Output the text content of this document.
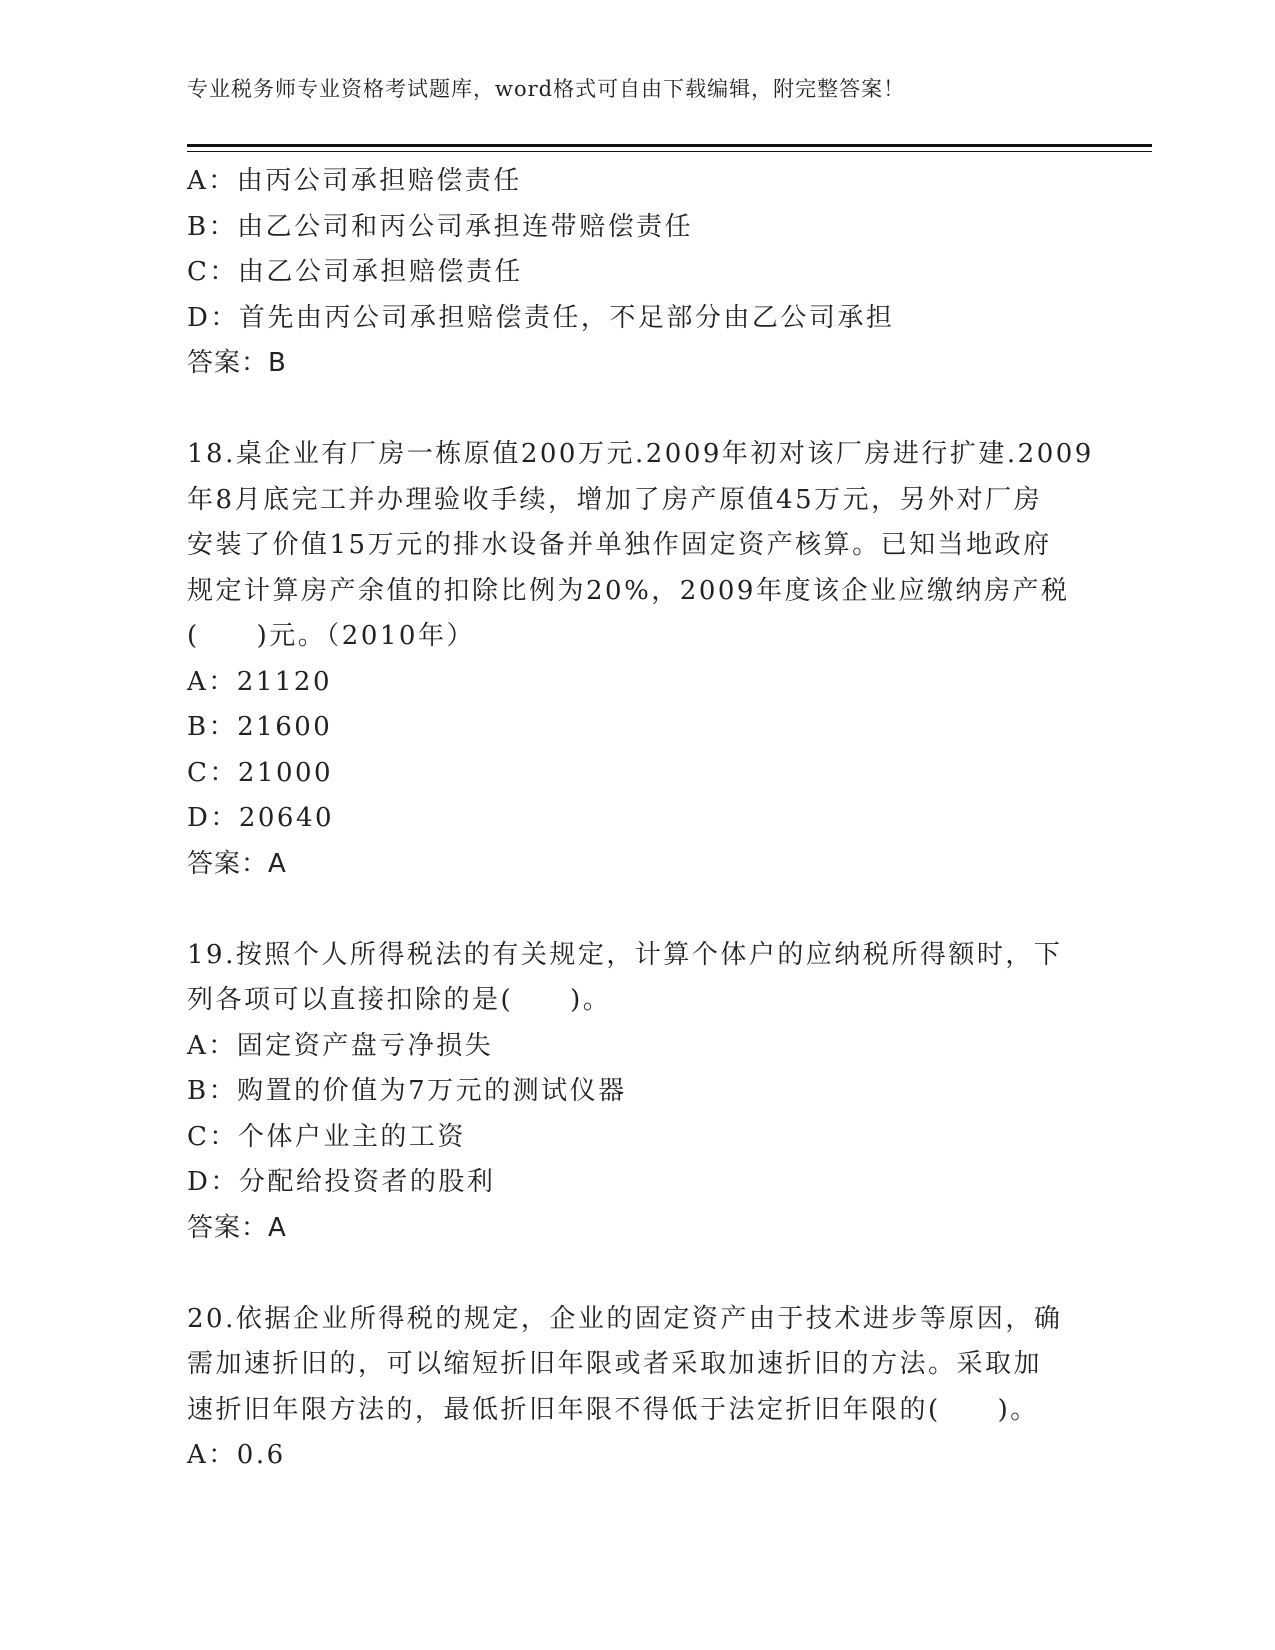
专业税务师专业资格考试题库，word格式可自由下载编辑，附完整答案！
A：由丙公司承担赔偿责任
B：由乙公司和丙公司承担连带赔偿责任
C：由乙公司承担赔偿责任
D：首先由丙公司承担赔偿责任，不足部分由乙公司承担
答案：B
18.桌企业有厂房一栋原值200万元.2009年初对该厂房进行扩建.2009
年8月底完工并办理验收手续，增加了房产原值45万元，另外对厂房
安装了价值15万元的排水设备并单独作固定资产核算。已知当地政府
规定计算房产余值的扣除比例为20%，2009年度该企业应缴纳房产税
(　　)元。（2010年）
A：21120
B：21600
C：21000
D：20640
答案：A
19.按照个人所得税法的有关规定，计算个体户的应纳税所得额时，下
列各项可以直接扣除的是(　　)。
A：固定资产盘亏净损失
B：购置的价值为7万元的测试仪器
C：个体户业主的工资
D：分配给投资者的股利
答案：A
20.依据企业所得税的规定，企业的固定资产由于技术进步等原因，确
需加速折旧的，可以缩短折旧年限或者采取加速折旧的方法。采取加
速折旧年限方法的，最低折旧年限不得低于法定折旧年限的(　　)。
A：0.6
